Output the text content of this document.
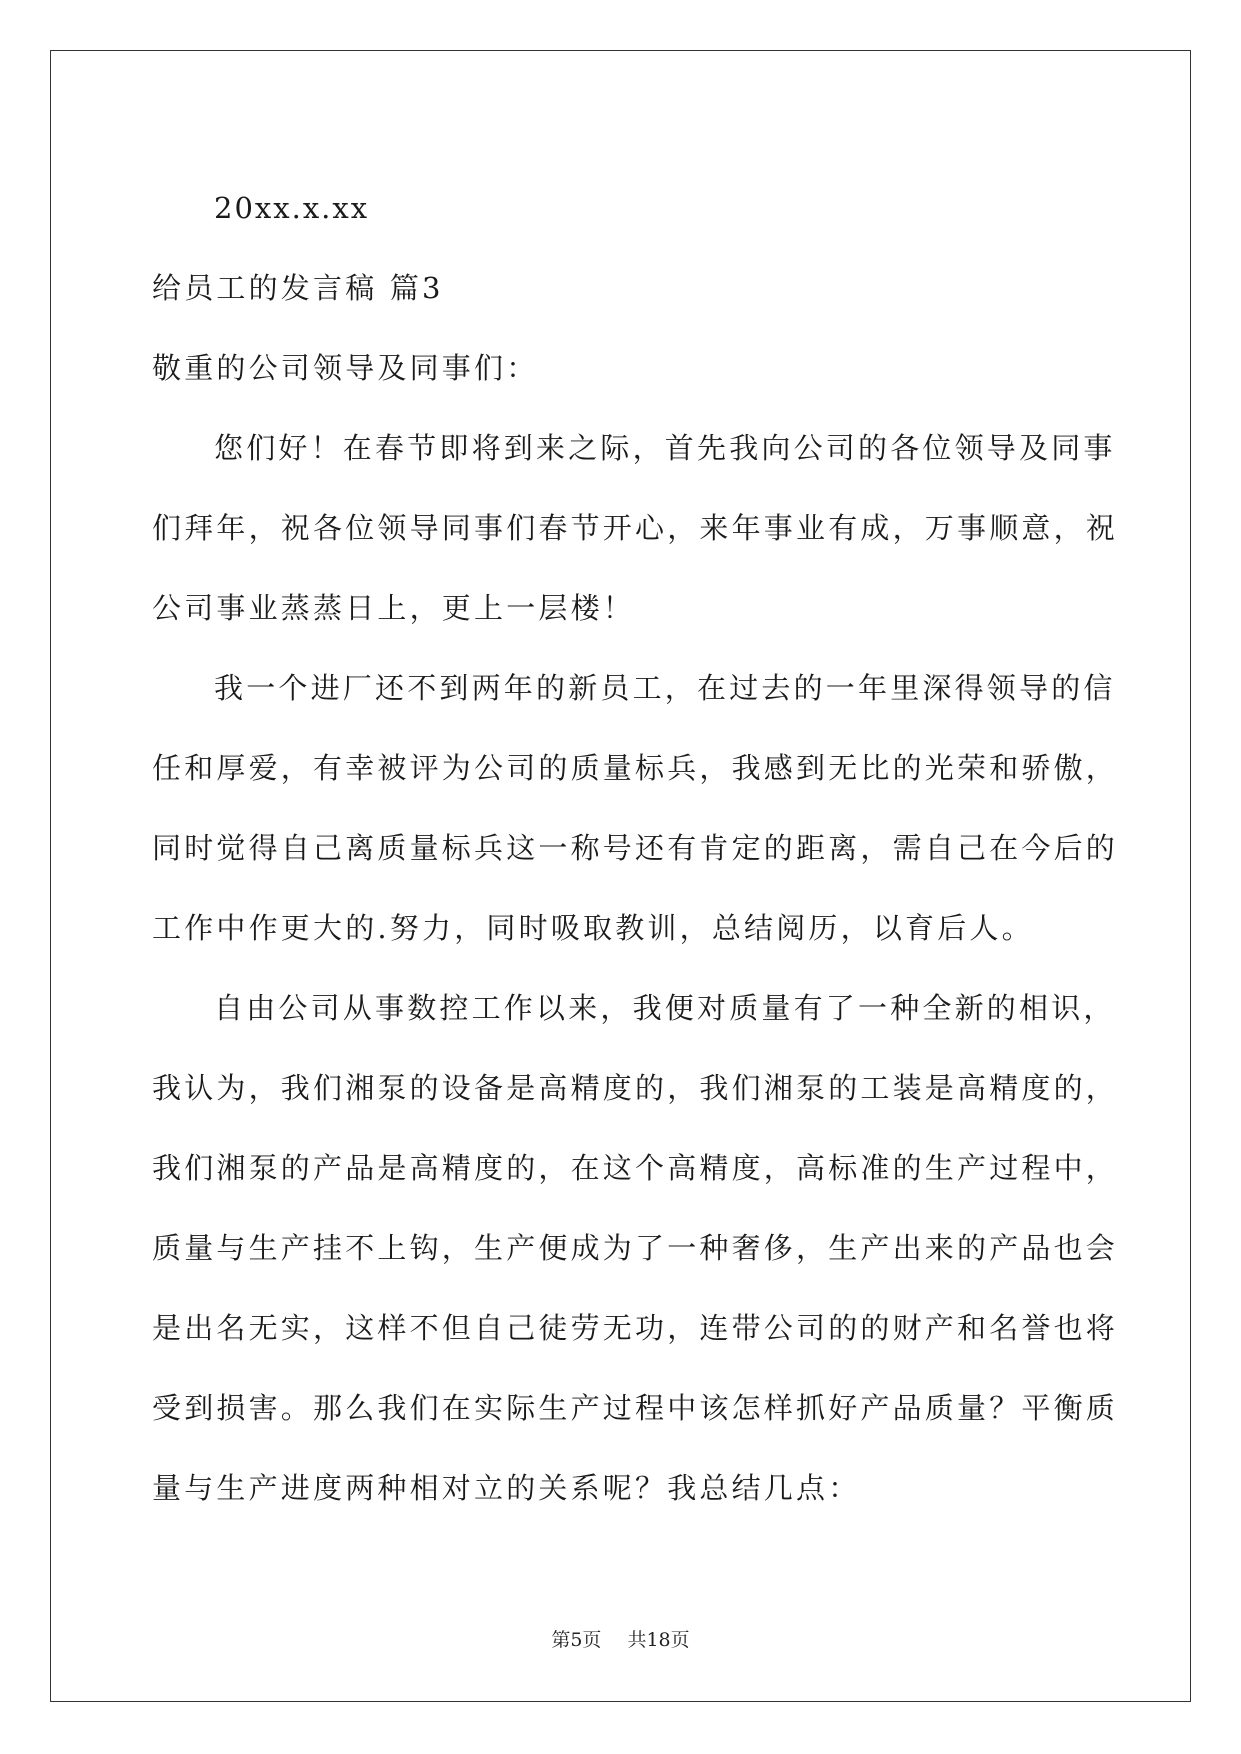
20xx.x.xx
给员工的发言稿 篇3
敬重的公司领导及同事们：
您们好！在春节即将到来之际，首先我向公司的各位领导及同事
们拜年，祝各位领导同事们春节开心，来年事业有成，万事顺意，祝
公司事业蒸蒸日上，更上一层楼！
我一个进厂还不到两年的新员工，在过去的一年里深得领导的信
任和厚爱，有幸被评为公司的质量标兵，我感到无比的光荣和骄傲，
同时觉得自己离质量标兵这一称号还有肯定的距离，需自己在今后的
工作中作更大的.努力，同时吸取教训，总结阅历，以育后人。
自由公司从事数控工作以来，我便对质量有了一种全新的相识，
我认为，我们湘泵的设备是高精度的，我们湘泵的工装是高精度的，
我们湘泵的产品是高精度的，在这个高精度，高标准的生产过程中，
质量与生产挂不上钩，生产便成为了一种奢侈，生产出来的产品也会
是出名无实，这样不但自己徒劳无功，连带公司的的财产和名誉也将
受到损害。那么我们在实际生产过程中该怎样抓好产品质量？平衡质
量与生产进度两种相对立的关系呢？我总结几点：
第5页 共18页
